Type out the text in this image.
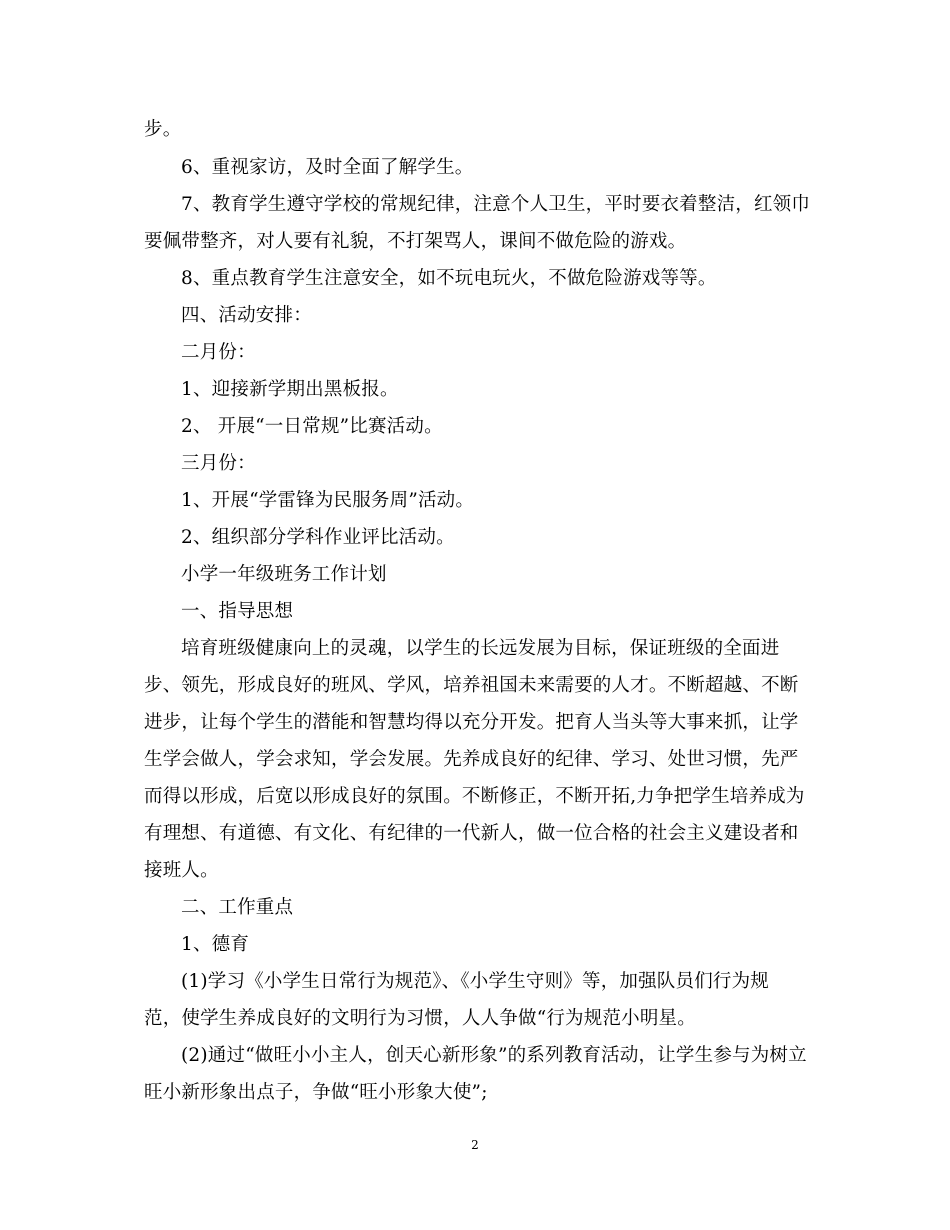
步。
6、重视家访，及时全面了解学生。
7、教育学生遵守学校的常规纪律，注意个人卫生，平时要衣着整洁，红领巾
要佩带整齐，对人要有礼貌，不打架骂人，课间不做危险的游戏。
8、重点教育学生注意安全，如不玩电玩火，不做危险游戏等等。
四、活动安排：
二月份：
1、迎接新学期出黑板报。
2、 开展“一日常规”比赛活动。
三月份：
1、开展“学雷锋为民服务周”活动。
2、组织部分学科作业评比活动。
小学一年级班务工作计划
一、指导思想
培育班级健康向上的灵魂，以学生的长远发展为目标，保证班级的全面进
步、领先，形成良好的班风、学风，培养祖国未来需要的人才。不断超越、不断
进步，让每个学生的潜能和智慧均得以充分开发。把育人当头等大事来抓，让学
生学会做人，学会求知，学会发展。先养成良好的纪律、学习、处世习惯，先严
而得以形成，后宽以形成良好的氛围。不断修正，不断开拓,力争把学生培养成为
有理想、有道德、有文化、有纪律的一代新人，做一位合格的社会主义建设者和
接班人。
二、工作重点
1、德育
(1)学习《小学生日常行为规范》、《小学生守则》等，加强队员们行为规
范，使学生养成良好的文明行为习惯，人人争做“行为规范小明星。
(2)通过“做旺小小主人，创天心新形象”的系列教育活动，让学生参与为树立
旺小新形象出点子，争做“旺小形象大使”;
2
